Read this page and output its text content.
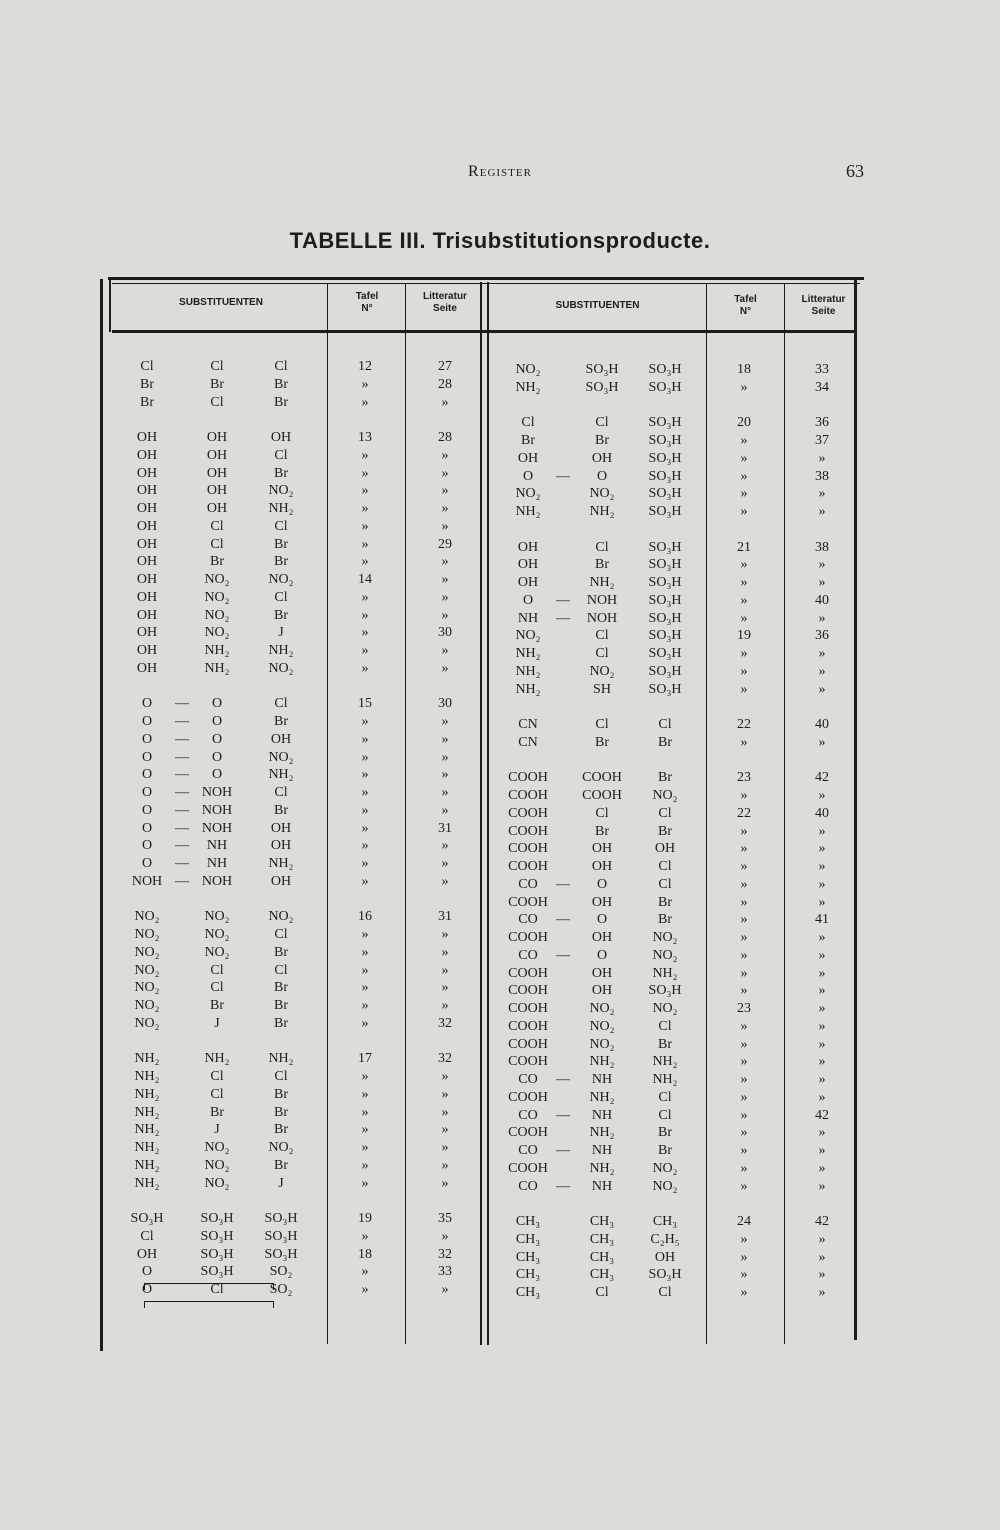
Register	63
TABELLE III. Trisubstitutionsproducte.
SUBSTITUENTEN
Tafel
N°
Litteratur
Seite	SUBSTITUENTEN
Tafel
N°
Litteratur
Seite
Cl	Cl	Cl	12	27
Br	Br	Br	»	28
Br	Cl	Br	»	»
OH	OH	OH	13	28
OH	OH	Cl	»	»
OH	OH	Br	»	»
OH	OH	NO₂	»	»
OH	OH	NH₂	»	»
OH	Cl	Cl	»	»
OH	Cl	Br	»	29
OH	Br	Br	»	»
OH	NO₂	NO₂	14	»
OH	NO₂	Cl	»	»
OH	NO₂	Br	»	»
OH	NO₂	J	»	30
OH	NH₂	NH₂	»	»
OH	NH₂	NO₂	»	»
O	—	O	Cl	15	30
O	—	O	Br	»	»
O	—	O	OH	»	»
O	—	O	NO₂	»	»
O	—	O	NH₂	»	»
O	— NOH	Cl	»	»
O	— NOH	Br	»	»
O	— NOH	OH	»	31
O	—	NH	OH	»	»
O	—	NH	NH₂	»	»
NOH — NOH	OH	»	»
NO₂	NO₂	NO₂	16	31
NO₂	NO₂	Cl	»	»
NO₂	NO₂	Br	»	»
NO₂	Cl	Cl	»	»
NO₂	Cl	Br	»	»
NO₂	Br	Br	»	»
NO₂	J	Br	»	32
NH₂	NH₂	NH₂	17	32
NH₂	Cl	Cl	»	»
NH₂	Cl	Br	»	»
NH₂	Br	Br	»	»
NH₂	J	Br	»	»
NH₂	NO₂	NO₂	»	»
NH₂	NO₂	Br	»	»
NH₂	NO₂	J	»	»
SO₃H	SO₃H	SO₃H	19	35
Cl	SO₃H	SO₃H	»	»
OH	SO₃H	SO₃H	18	32
O	SO₃H	SO₂	»	33
O	Cl	SO₂	»	»
NO₂	SO₃H	SO₃H	18	33
NH₂	SO₃H	SO₃H	»	34
Cl	Cl	SO₃H	20	36
Br	Br	SO₃H	»	37
OH	OH	SO₃H	»	»
O	—	O	SO₃H	»	38
NO₂	NO₂	SO₃H	»	»
NH₂	NH₂	SO₃H	»	»
OH	Cl	SO₃H	21	38
OH	Br	SO₃H	»	»
OH	NH₂	SO₃H	»	»
O	—	NOH	SO₃H	»	40
NH	—	NOH	SO₃H	»	»
NO₂	Cl	SO₃H	19	36
NH₂	Cl	SO₃H	»	»
NH₂	NO₂	SO₃H	»	»
NH₂	SH	SO₃H	»	»
CN	Cl	Cl	22	40
CN	Br	Br	»	»
COOH	COOH	Br	23	42
COOH	COOH	NO₂	»	»
COOH	Cl	Cl	22	40
COOH	Br	Br	»	»
COOH	OH	OH	»	»
COOH	OH	Cl	»	»
CO	—	O	Cl	»	»
COOH	OH	Br	»	»
CO	—	O	Br	»	41
COOH	OH	NO₂	»	»
CO	—	O	NO₂	»	»
COOH	OH	NH₂	»	»
COOH	OH	SO₃H	»	»
COOH	NO₂	NO₂	23	»
COOH	NO₂	Cl	»	»
COOH	NO₂	Br	»	»
COOH	NH₂	NH₂	»	»
CO	—	NH	NH₂	»	»
COOH	NH₂	Cl	»	»
CO	—	NH	Cl	»	42
COOH	NH₂	Br	»	»
CO	—	NH	Br	»	»
COOH	NH₂	NO₂	»	»
CO	—	NH	NO₂	»	»
CH₃	CH₃	CH₃	24	42
CH₃	CH₃	C₂H₅	»	»
CH₃	CH₃	OH	»	»
CH₃	CH₃	SO₃H	»	»
CH₃	Cl	Cl	»	»
